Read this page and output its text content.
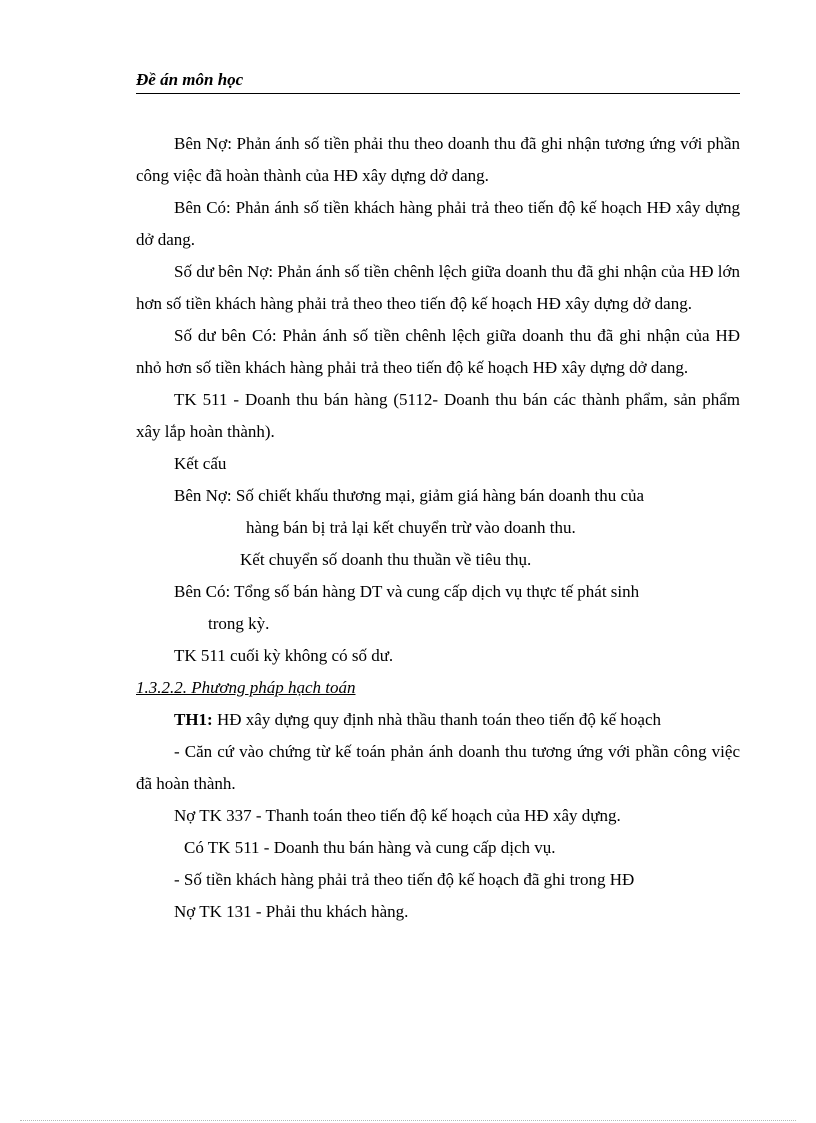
Đề án môn học

Bên Nợ: Phản ánh số tiền phải thu theo doanh thu đã ghi nhận tương ứng với phần công việc đã hoàn thành của HĐ xây dựng dở dang.

Bên Có: Phản ánh số tiền khách hàng phải trả theo tiến độ kế hoạch HĐ xây dựng dở dang.

Số dư bên Nợ: Phản ánh số tiền chênh lệch giữa doanh thu đã ghi nhận của HĐ lớn hơn số tiền khách hàng phải trả theo theo tiến độ kế hoạch HĐ xây dựng dở dang.

Số dư bên Có: Phản ánh số tiền chênh lệch giữa doanh thu đã ghi nhận của HĐ nhỏ hơn số tiền khách hàng phải trả theo tiến độ kế hoạch HĐ xây dựng dở dang.

TK 511 - Doanh thu bán hàng (5112- Doanh thu bán các thành phẩm, sản phẩm xây lắp hoàn thành).

Kết cấu

Bên Nợ: Số chiết khấu thương mại, giảm giá hàng bán doanh thu của

hàng bán bị trả lại kết chuyển trừ vào doanh thu.

Kết chuyển số doanh thu thuần về tiêu thụ.

Bên Có: Tổng số bán hàng DT và cung cấp dịch vụ thực tế phát sinh

trong kỳ.

TK 511 cuối kỳ không có số dư.

1.3.2.2. Phương pháp hạch toán

TH1: HĐ xây dựng quy định nhà thầu thanh toán theo tiến độ kế hoạch

- Căn cứ vào chứng từ kế toán phản ánh doanh thu tương ứng với phần công việc đã hoàn thành.

Nợ TK 337 - Thanh toán theo tiến độ kế hoạch của HĐ xây dựng.

Có TK 511 - Doanh thu bán hàng và cung cấp dịch vụ.

- Số tiền khách hàng phải trả theo tiến độ kế hoạch đã ghi trong HĐ

Nợ TK 131 - Phải thu khách hàng.
